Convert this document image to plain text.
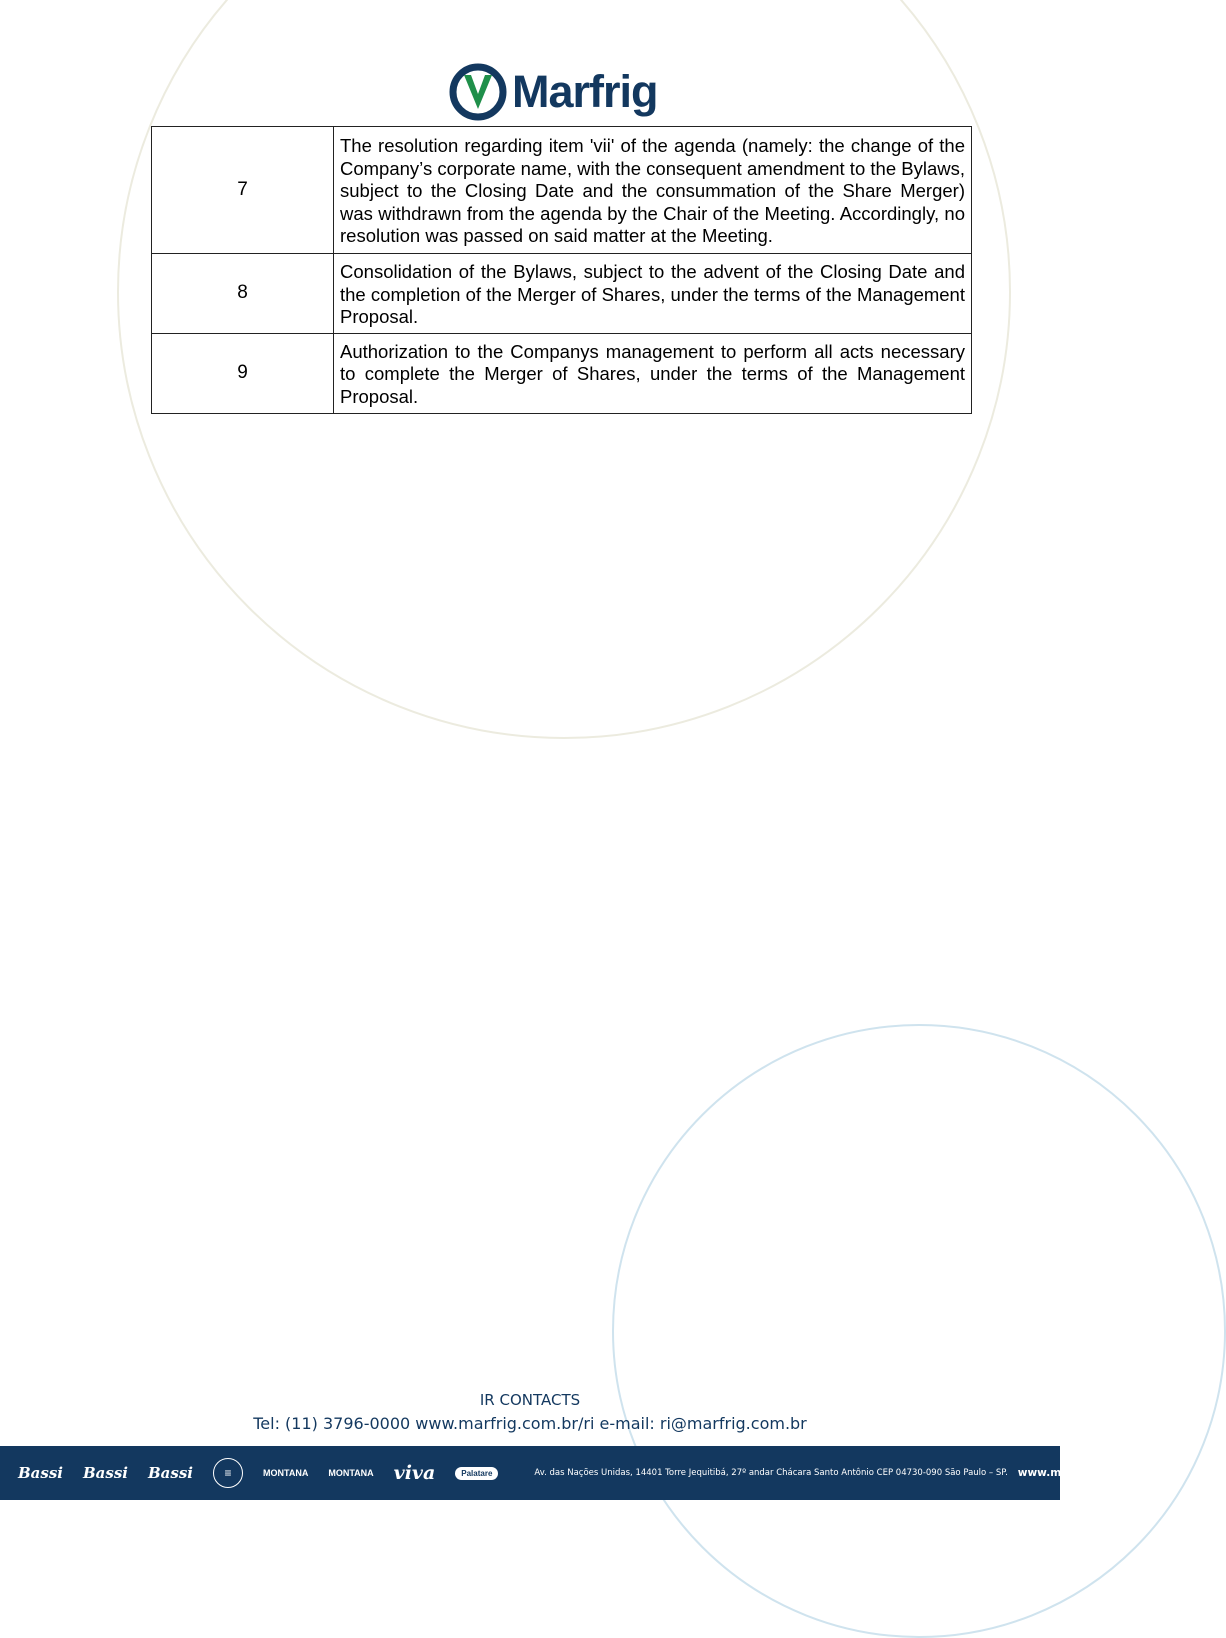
Marfrig
7	The resolution regarding item 'vii' of the agenda (namely: the change of the Company’s corporate name, with the consequent amendment to the Bylaws, subject to the Closing Date and the consummation of the Share Merger) was withdrawn from the agenda by the Chair of the Meeting. Accordingly, no resolution was passed on said matter at the Meeting.
8	Consolidation of the Bylaws, subject to the advent of the Closing Date and the completion of the Merger of Shares, under the terms of the Management Proposal.
9	Authorization to the Companys management to perform all acts necessary to complete the Merger of Shares, under the terms of the Management Proposal.
IR CONTACTS
Tel: (11) 3796-0000 www.marfrig.com.br/ri e-mail: ri@marfrig.com.br
Bassi Bassi Bassi	≡	MONTANA MONTANA viva	Palatare	Av. das Nações Unidas, 14401 Torre Jequitibá, 27º andar Chácara Santo Antônio CEP 04730-090 São Paulo – SP. www.marfrigbeef.com
